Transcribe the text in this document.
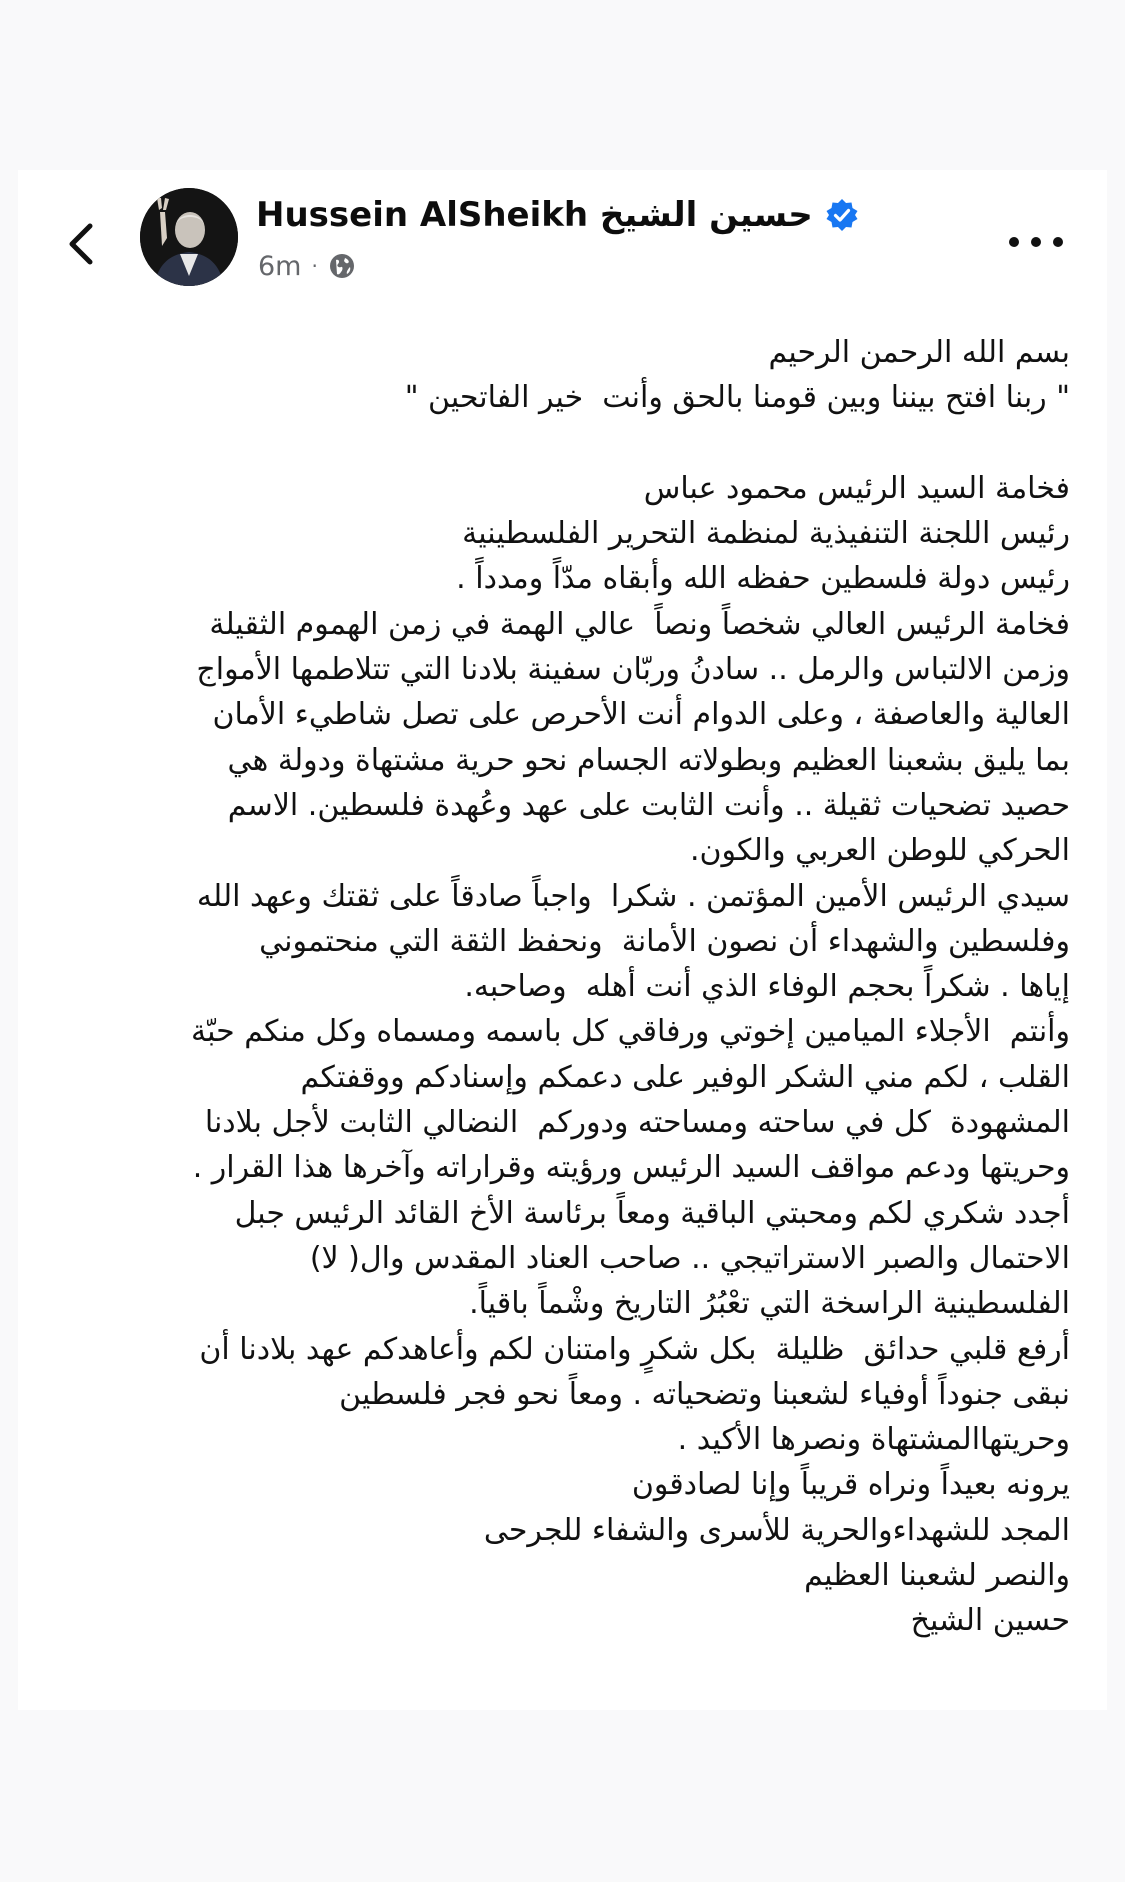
Hussein AlSheikh حسين الشيخ
6m ·
بسم الله الرحمن الرحيم
" ربنا افتح بيننا وبين قومنا بالحق وأنت  خير الفاتحين "
فخامة السيد الرئيس محمود عباس
رئيس اللجنة التنفيذية لمنظمة التحرير الفلسطينية
رئيس دولة فلسطين حفظه الله وأبقاه مدّاً ومدداً .
فخامة الرئيس العالي شخصاً ونصاً  عالي الهمة في زمن الهموم الثقيلة
وزمن الالتباس والرمل .. سادنُ وربّان سفينة بلادنا التي تتلاطمها الأمواج
العالية والعاصفة ، وعلى الدوام أنت الأحرص على تصل شاطيء الأمان
بما يليق بشعبنا العظيم وبطولاته الجسام نحو حرية مشتهاة ودولة هي
حصيد تضحيات ثقيلة .. وأنت الثابت على عهد وعُهدة فلسطين. الاسم
الحركي للوطن العربي والكون.
سيدي الرئيس الأمين المؤتمن . شكرا  واجباً صادقاً على ثقتك وعهد الله
وفلسطين والشهداء أن نصون الأمانة  ونحفظ الثقة التي منحتموني
إياها . شكراً بحجم الوفاء الذي أنت أهله  وصاحبه.
وأنتم  الأجلاء الميامين إخوتي ورفاقي كل باسمه ومسماه وكل منكم حبّة
القلب ، لكم مني الشكر الوفير على دعمكم وإسنادكم ووقفتكم
المشهودة  كل في ساحته ومساحته ودوركم  النضالي الثابت لأجل بلادنا
وحريتها ودعم مواقف السيد الرئيس ورؤيته وقراراته وآخرها هذا القرار .
أجدد شكري لكم ومحبتي الباقية ومعاً برئاسة الأخ القائد الرئيس جبل
الاحتمال والصبر الاستراتيجي .. صاحب العناد المقدس وال( لا)
الفلسطينية الراسخة التي تعْبُرُ التاريخ وشْماً باقياً.
أرفع قلبي حدائق  ظليلة  بكل شكرٍ وامتنان لكم وأعاهدكم عهد بلادنا أن
نبقى جنوداً أوفياء لشعبنا وتضحياته . ومعاً نحو فجر فلسطين
وحريتهاالمشتهاة ونصرها الأكيد .
يرونه بعيداً ونراه قريباً وإنا لصادقون
المجد للشهداءوالحرية للأسرى والشفاء للجرحى
والنصر لشعبنا العظيم
حسين الشيخ
